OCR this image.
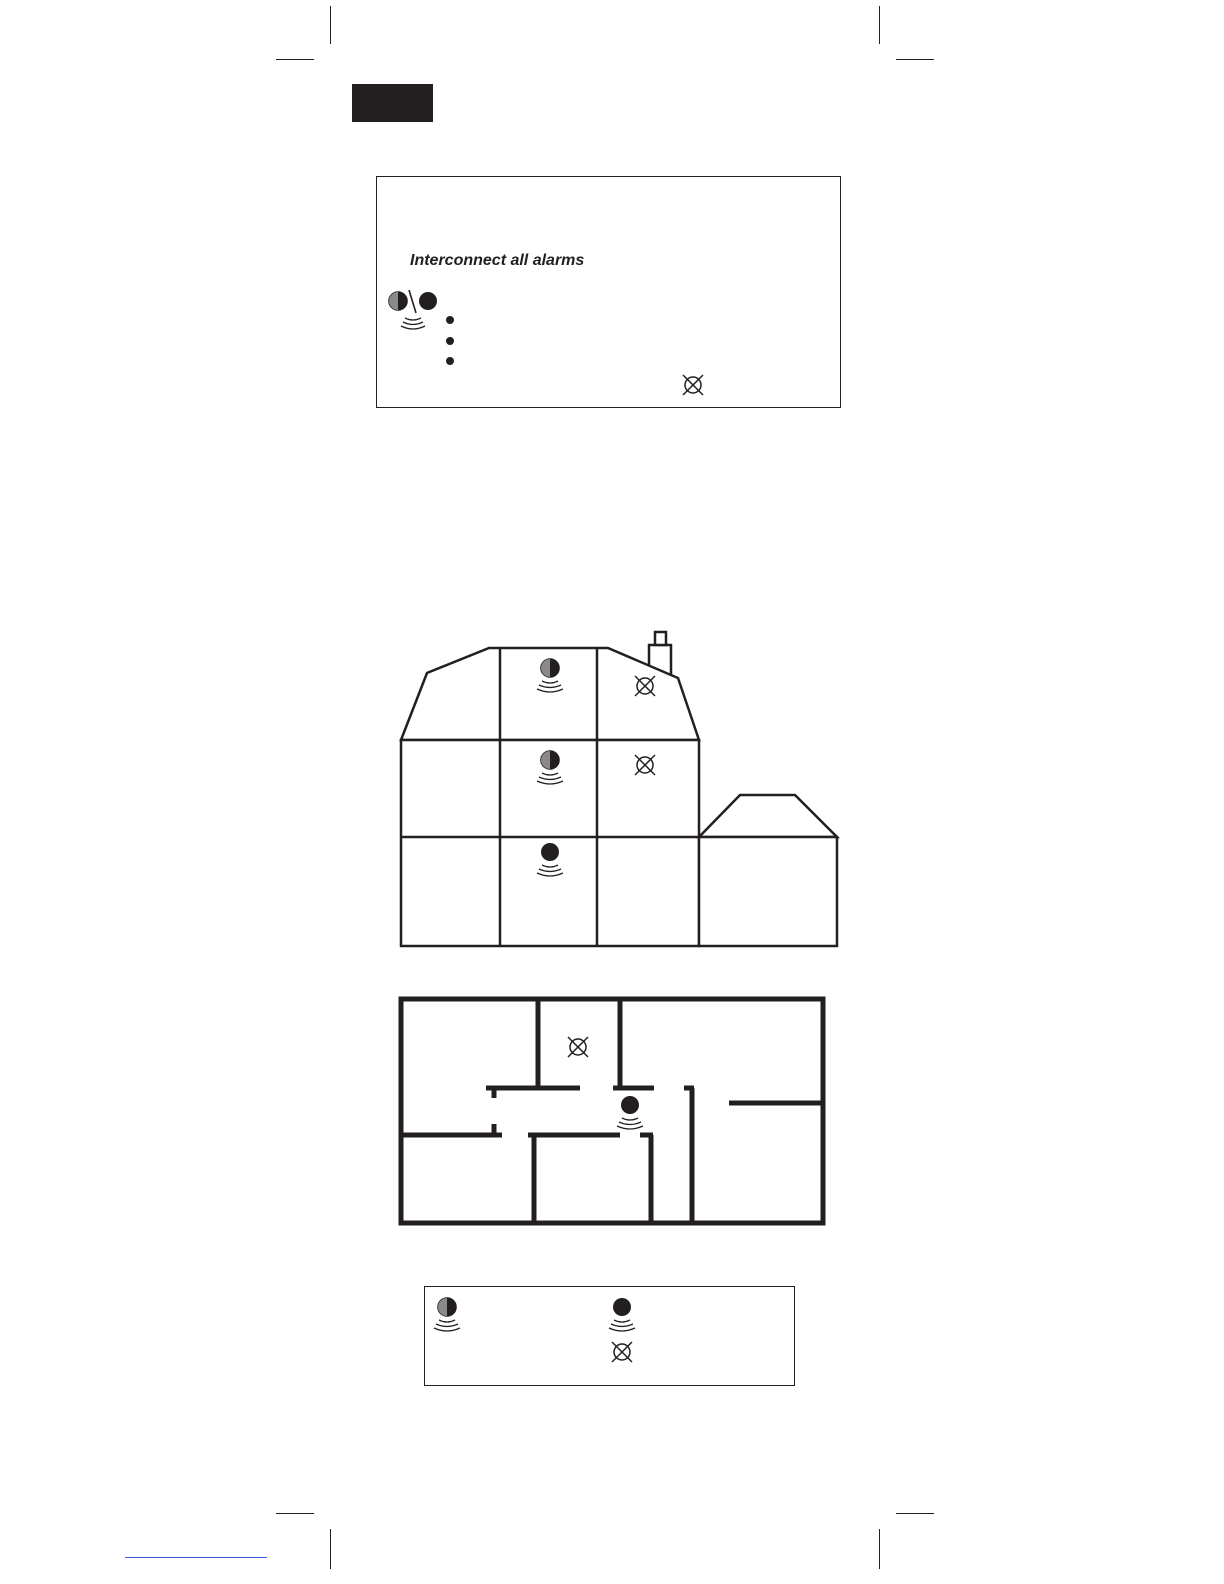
Interconnect all alarms
